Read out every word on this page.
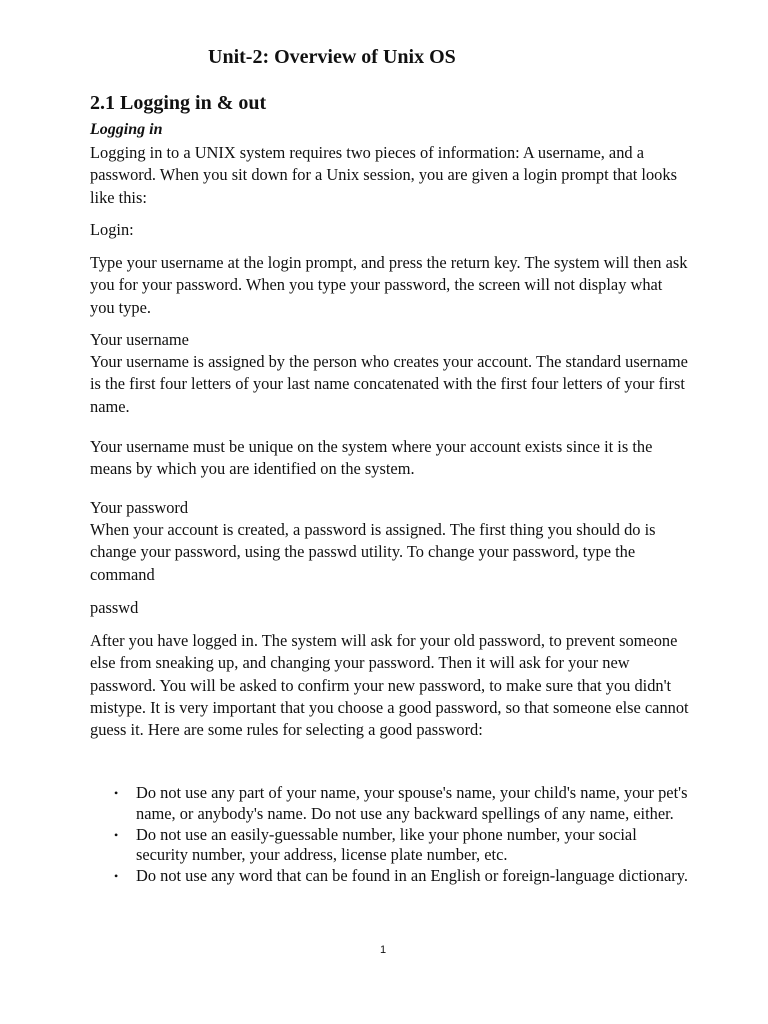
Unit-2: Overview of Unix OS
2.1 Logging in & out
Logging in

Logging in to a UNIX system requires two pieces of information: A username, and a password. When you sit down for a Unix session, you are given a login prompt that looks like this:

Login:

Type your username at the login prompt, and press the return key. The system will then ask you for your password. When you type your password, the screen will not display what you type.

Your username

Your username is assigned by the person who creates your account. The standard username is the first four letters of your last name concatenated with the first four letters of your first name.

Your username must be unique on the system where your account exists since it is the means by which you are identified on the system.

Your password

When your account is created, a password is assigned. The first thing you should do is change your password, using the passwd utility. To change your password, type the command

passwd

After you have logged in. The system will ask for your old password, to prevent someone else from sneaking up, and changing your password. Then it will ask for your new password. You will be asked to confirm your new password, to make sure that you didn't mistype. It is very important that you choose a good password, so that someone else cannot guess it. Here are some rules for selecting a good password:

• Do not use any part of your name, your spouse's name, your child's name, your pet's name, or anybody's name. Do not use any backward spellings of any name, either.
• Do not use an easily-guessable number, like your phone number, your social security number, your address, license plate number, etc.
• Do not use any word that can be found in an English or foreign-language dictionary.
1
